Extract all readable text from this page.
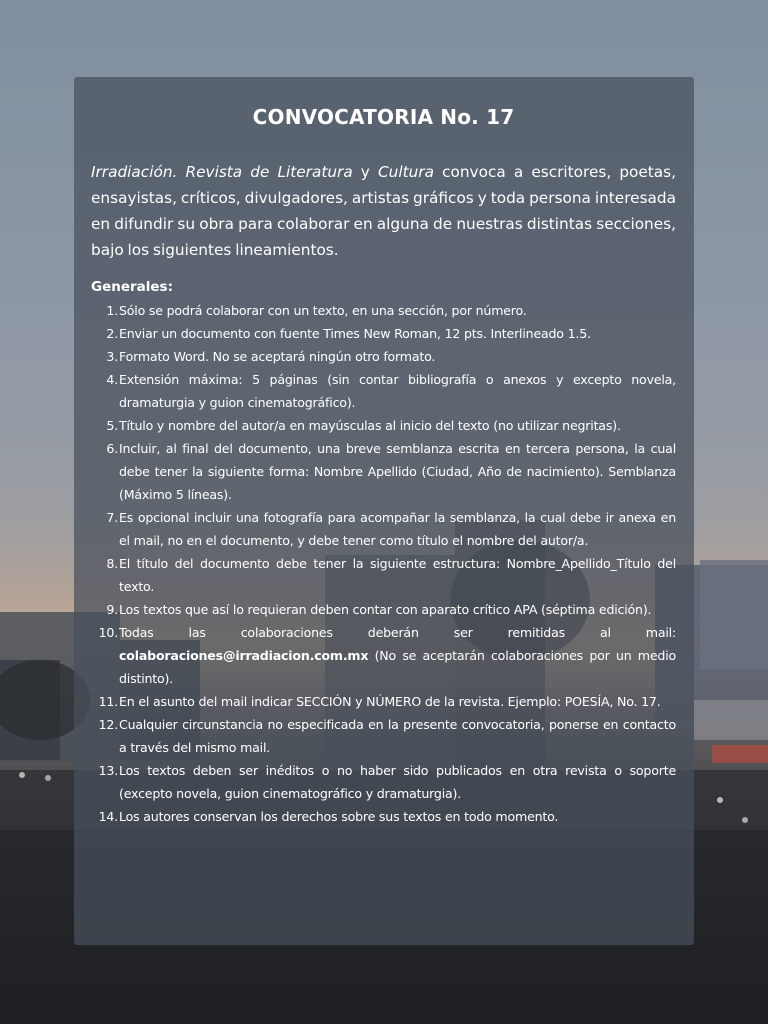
CONVOCATORIA No. 17

Irradiación. Revista de Literatura y Cultura convoca a escritores, poetas, ensayistas, críticos, divulgadores, artistas gráficos y toda persona interesada en difundir su obra para colaborar en alguna de nuestras distintas secciones, bajo los siguientes lineamientos.

Generales:
1. Sólo se podrá colaborar con un texto, en una sección, por número.
2. Enviar un documento con fuente Times New Roman, 12 pts. Interlineado 1.5.
3. Formato Word. No se aceptará ningún otro formato.
4. Extensión máxima: 5 páginas (sin contar bibliografía o anexos y excepto novela, dramaturgia y guion cinematográfico).
5. Título y nombre del autor/a en mayúsculas al inicio del texto (no utilizar negritas).
6. Incluir, al final del documento, una breve semblanza escrita en tercera persona, la cual debe tener la siguiente forma: Nombre Apellido (Ciudad, Año de nacimiento). Semblanza (Máximo 5 líneas).
7. Es opcional incluir una fotografía para acompañar la semblanza, la cual debe ir anexa en el mail, no en el documento, y debe tener como título el nombre del autor/a.
8. El título del documento debe tener la siguiente estructura: Nombre_Apellido_Título del texto.
9. Los textos que así lo requieran deben contar con aparato crítico APA (séptima edición).
10. Todas las colaboraciones deberán ser remitidas al mail: colaboraciones@irradiacion.com.mx (No se aceptarán colaboraciones por un medio distinto).
11. En el asunto del mail indicar SECCIÓN y NÚMERO de la revista. Ejemplo: POESÍA, No. 17.
12. Cualquier circunstancia no especificada en la presente convocatoria, ponerse en contacto a través del mismo mail.
13. Los textos deben ser inéditos o no haber sido publicados en otra revista o soporte (excepto novela, guion cinematográfico y dramaturgia).
14. Los autores conservan los derechos sobre sus textos en todo momento.
